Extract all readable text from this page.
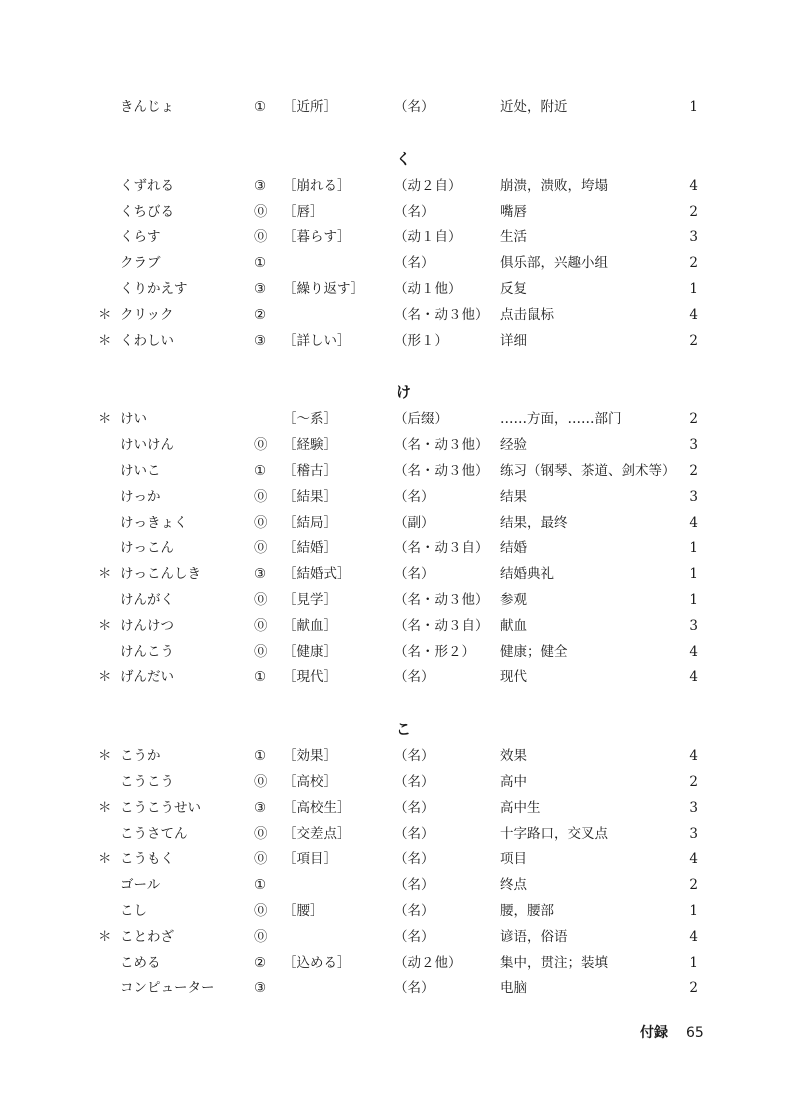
きんじょ	① ［近所］	（名）	近处，附近	1
く
くずれる	③ ［崩れる］	（动２自）	崩溃，溃败，垮塌	4
くちびる	⓪ ［唇］	（名）	嘴唇	2
くらす	⓪ ［暮らす］	（动１自）	生活	3
クラブ	①	（名）	俱乐部，兴趣小组	2
くりかえす	③ ［繰り返す］ （动１他）	反复	1
＊ クリック	②	（名・动３他） 点击鼠标	4
＊ くわしい	③ ［詳しい］	（形１）	详细	2
け
＊ けい	［～系］	（后缀）	……方面，……部门	2
けいけん	⓪ ［経験］	（名・动３他） 经验	3
けいこ	① ［稽古］	（名・动３他） 练习（钢琴、茶道、剑术等） 2
けっか	⓪ ［結果］	（名）	结果	3
けっきょく	⓪ ［結局］	（副）	结果，最终	4
けっこん	⓪ ［結婚］	（名・动３自） 结婚	1
＊ けっこんしき	③ ［結婚式］	（名）	结婚典礼	1
けんがく	⓪ ［見学］	（名・动３他） 参观	1
＊ けんけつ	⓪ ［献血］	（名・动３自） 献血	3
けんこう	⓪ ［健康］	（名・形２） 健康；健全	4
＊ げんだい	① ［現代］	（名）	现代	4
こ
＊ こうか	① ［効果］	（名）	效果	4
こうこう	⓪ ［高校］	（名）	高中	2
＊ こうこうせい	③ ［高校生］	（名）	高中生	3
こうさてん	⓪ ［交差点］	（名）	十字路口，交叉点	3
＊ こうもく	⓪ ［項目］	（名）	项目	4
ゴール	①	（名）	终点	2
こし	⓪ ［腰］	（名）	腰，腰部	1
＊ ことわざ	⓪	（名）	谚语，俗语	4
こめる	② ［込める］	（动２他）	集中，贯注；装填	1
コンピューター	③	（名）	电脑	2
付録 65
